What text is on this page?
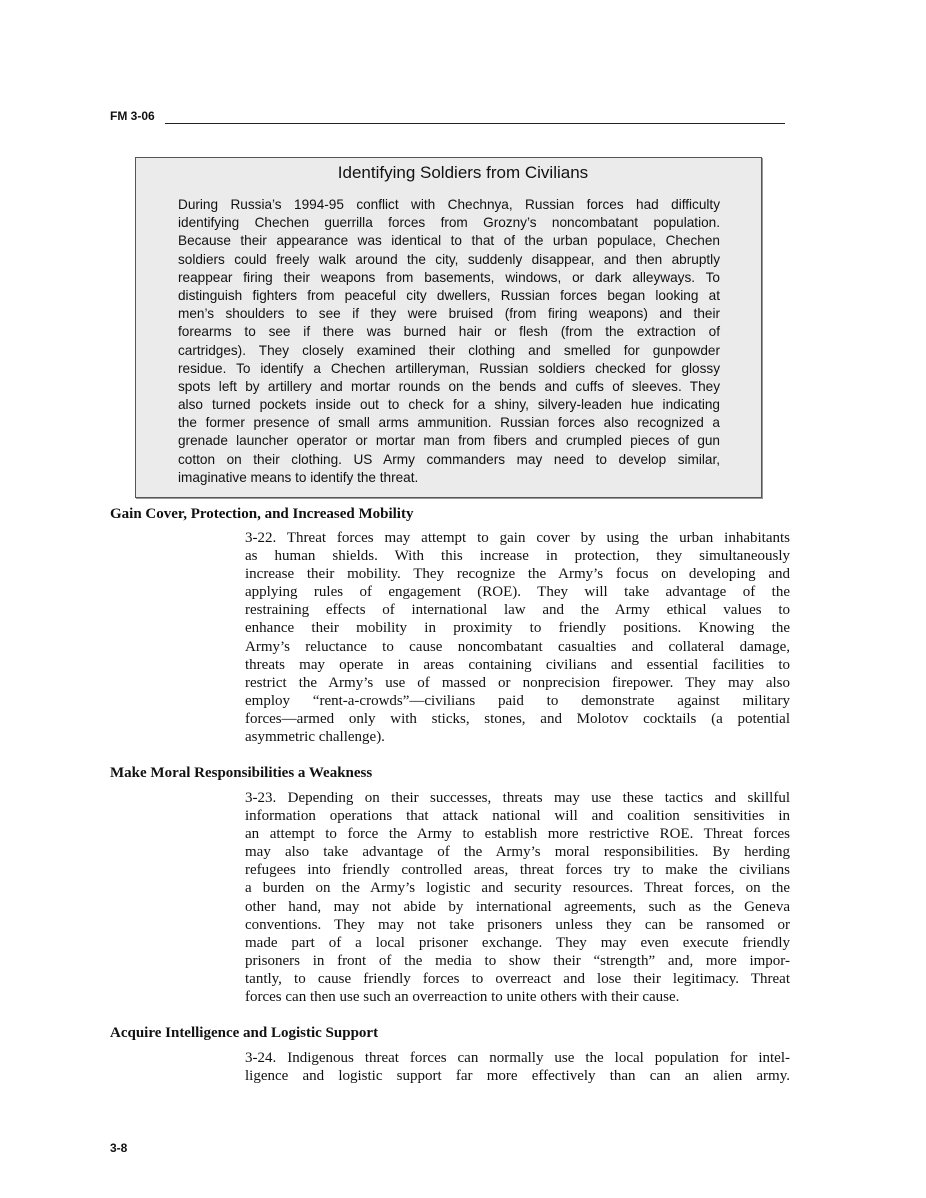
FM 3-06
Identifying Soldiers from Civilians
During Russia’s 1994-95 conflict with Chechnya, Russian forces had difficulty
identifying Chechen guerrilla forces from Grozny’s noncombatant population.
Because their appearance was identical to that of the urban populace, Chechen
soldiers could freely walk around the city, suddenly disappear, and then abruptly
reappear firing their weapons from basements, windows, or dark alleyways. To
distinguish fighters from peaceful city dwellers, Russian forces began looking at
men’s shoulders to see if they were bruised (from firing weapons) and their
forearms to see if there was burned hair or flesh (from the extraction of
cartridges). They closely examined their clothing and smelled for gunpowder
residue. To identify a Chechen artilleryman, Russian soldiers checked for glossy
spots left by artillery and mortar rounds on the bends and cuffs of sleeves. They
also turned pockets inside out to check for a shiny, silvery-leaden hue indicating
the former presence of small arms ammunition. Russian forces also recognized a
grenade launcher operator or mortar man from fibers and crumpled pieces of gun
cotton on their clothing. US Army commanders may need to develop similar,
imaginative means to identify the threat.
Gain Cover, Protection, and Increased Mobility
3-22. Threat forces may attempt to gain cover by using the urban inhabitants
as human shields. With this increase in protection, they simultaneously
increase their mobility. They recognize the Army’s focus on developing and
applying rules of engagement (ROE). They will take advantage of the
restraining effects of international law and the Army ethical values to
enhance their mobility in proximity to friendly positions. Knowing the
Army’s reluctance to cause noncombatant casualties and collateral damage,
threats may operate in areas containing civilians and essential facilities to
restrict the Army’s use of massed or nonprecision firepower. They may also
employ “rent-a-crowds”—civilians paid to demonstrate against military
forces—armed only with sticks, stones, and Molotov cocktails (a potential
asymmetric challenge).
Make Moral Responsibilities a Weakness
3-23. Depending on their successes, threats may use these tactics and skillful
information operations that attack national will and coalition sensitivities in
an attempt to force the Army to establish more restrictive ROE. Threat forces
may also take advantage of the Army’s moral responsibilities. By herding
refugees into friendly controlled areas, threat forces try to make the civilians
a burden on the Army’s logistic and security resources. Threat forces, on the
other hand, may not abide by international agreements, such as the Geneva
conventions. They may not take prisoners unless they can be ransomed or
made part of a local prisoner exchange. They may even execute friendly
prisoners in front of the media to show their “strength” and, more impor-
tantly, to cause friendly forces to overreact and lose their legitimacy. Threat
forces can then use such an overreaction to unite others with their cause.
Acquire Intelligence and Logistic Support
3-24. Indigenous threat forces can normally use the local population for intel-
ligence and logistic support far more effectively than can an alien army.
3-8
